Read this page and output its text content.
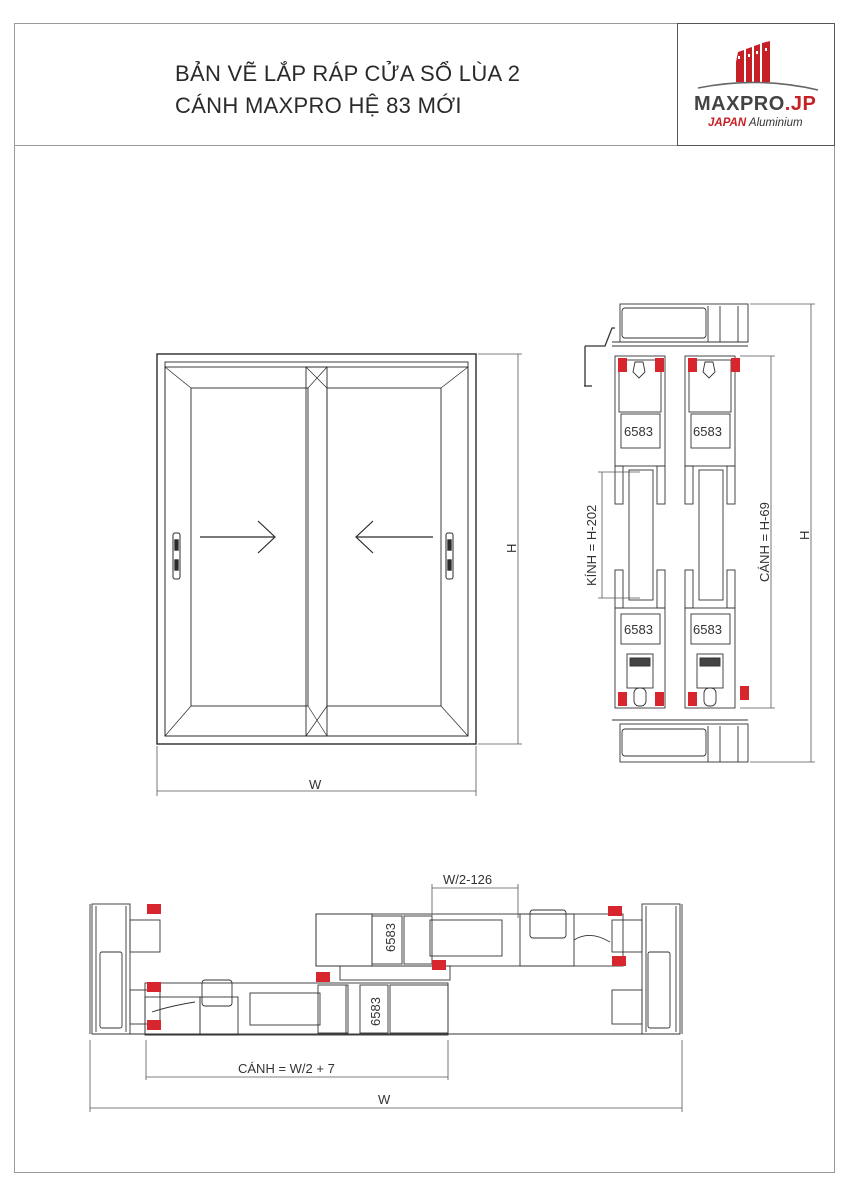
BẢN VẼ LẮP RÁP CỬA SỔ LÙA 2
CÁNH MAXPRO HỆ 83 MỚI	MAXPRO.JP
JAPAN Aluminium
W
H
6583	6583
6583	6583
KÍNH = H-202	CÁNH = H-69 H
6583
6583
W/2-126
CÁNH = W/2 + 7
W
